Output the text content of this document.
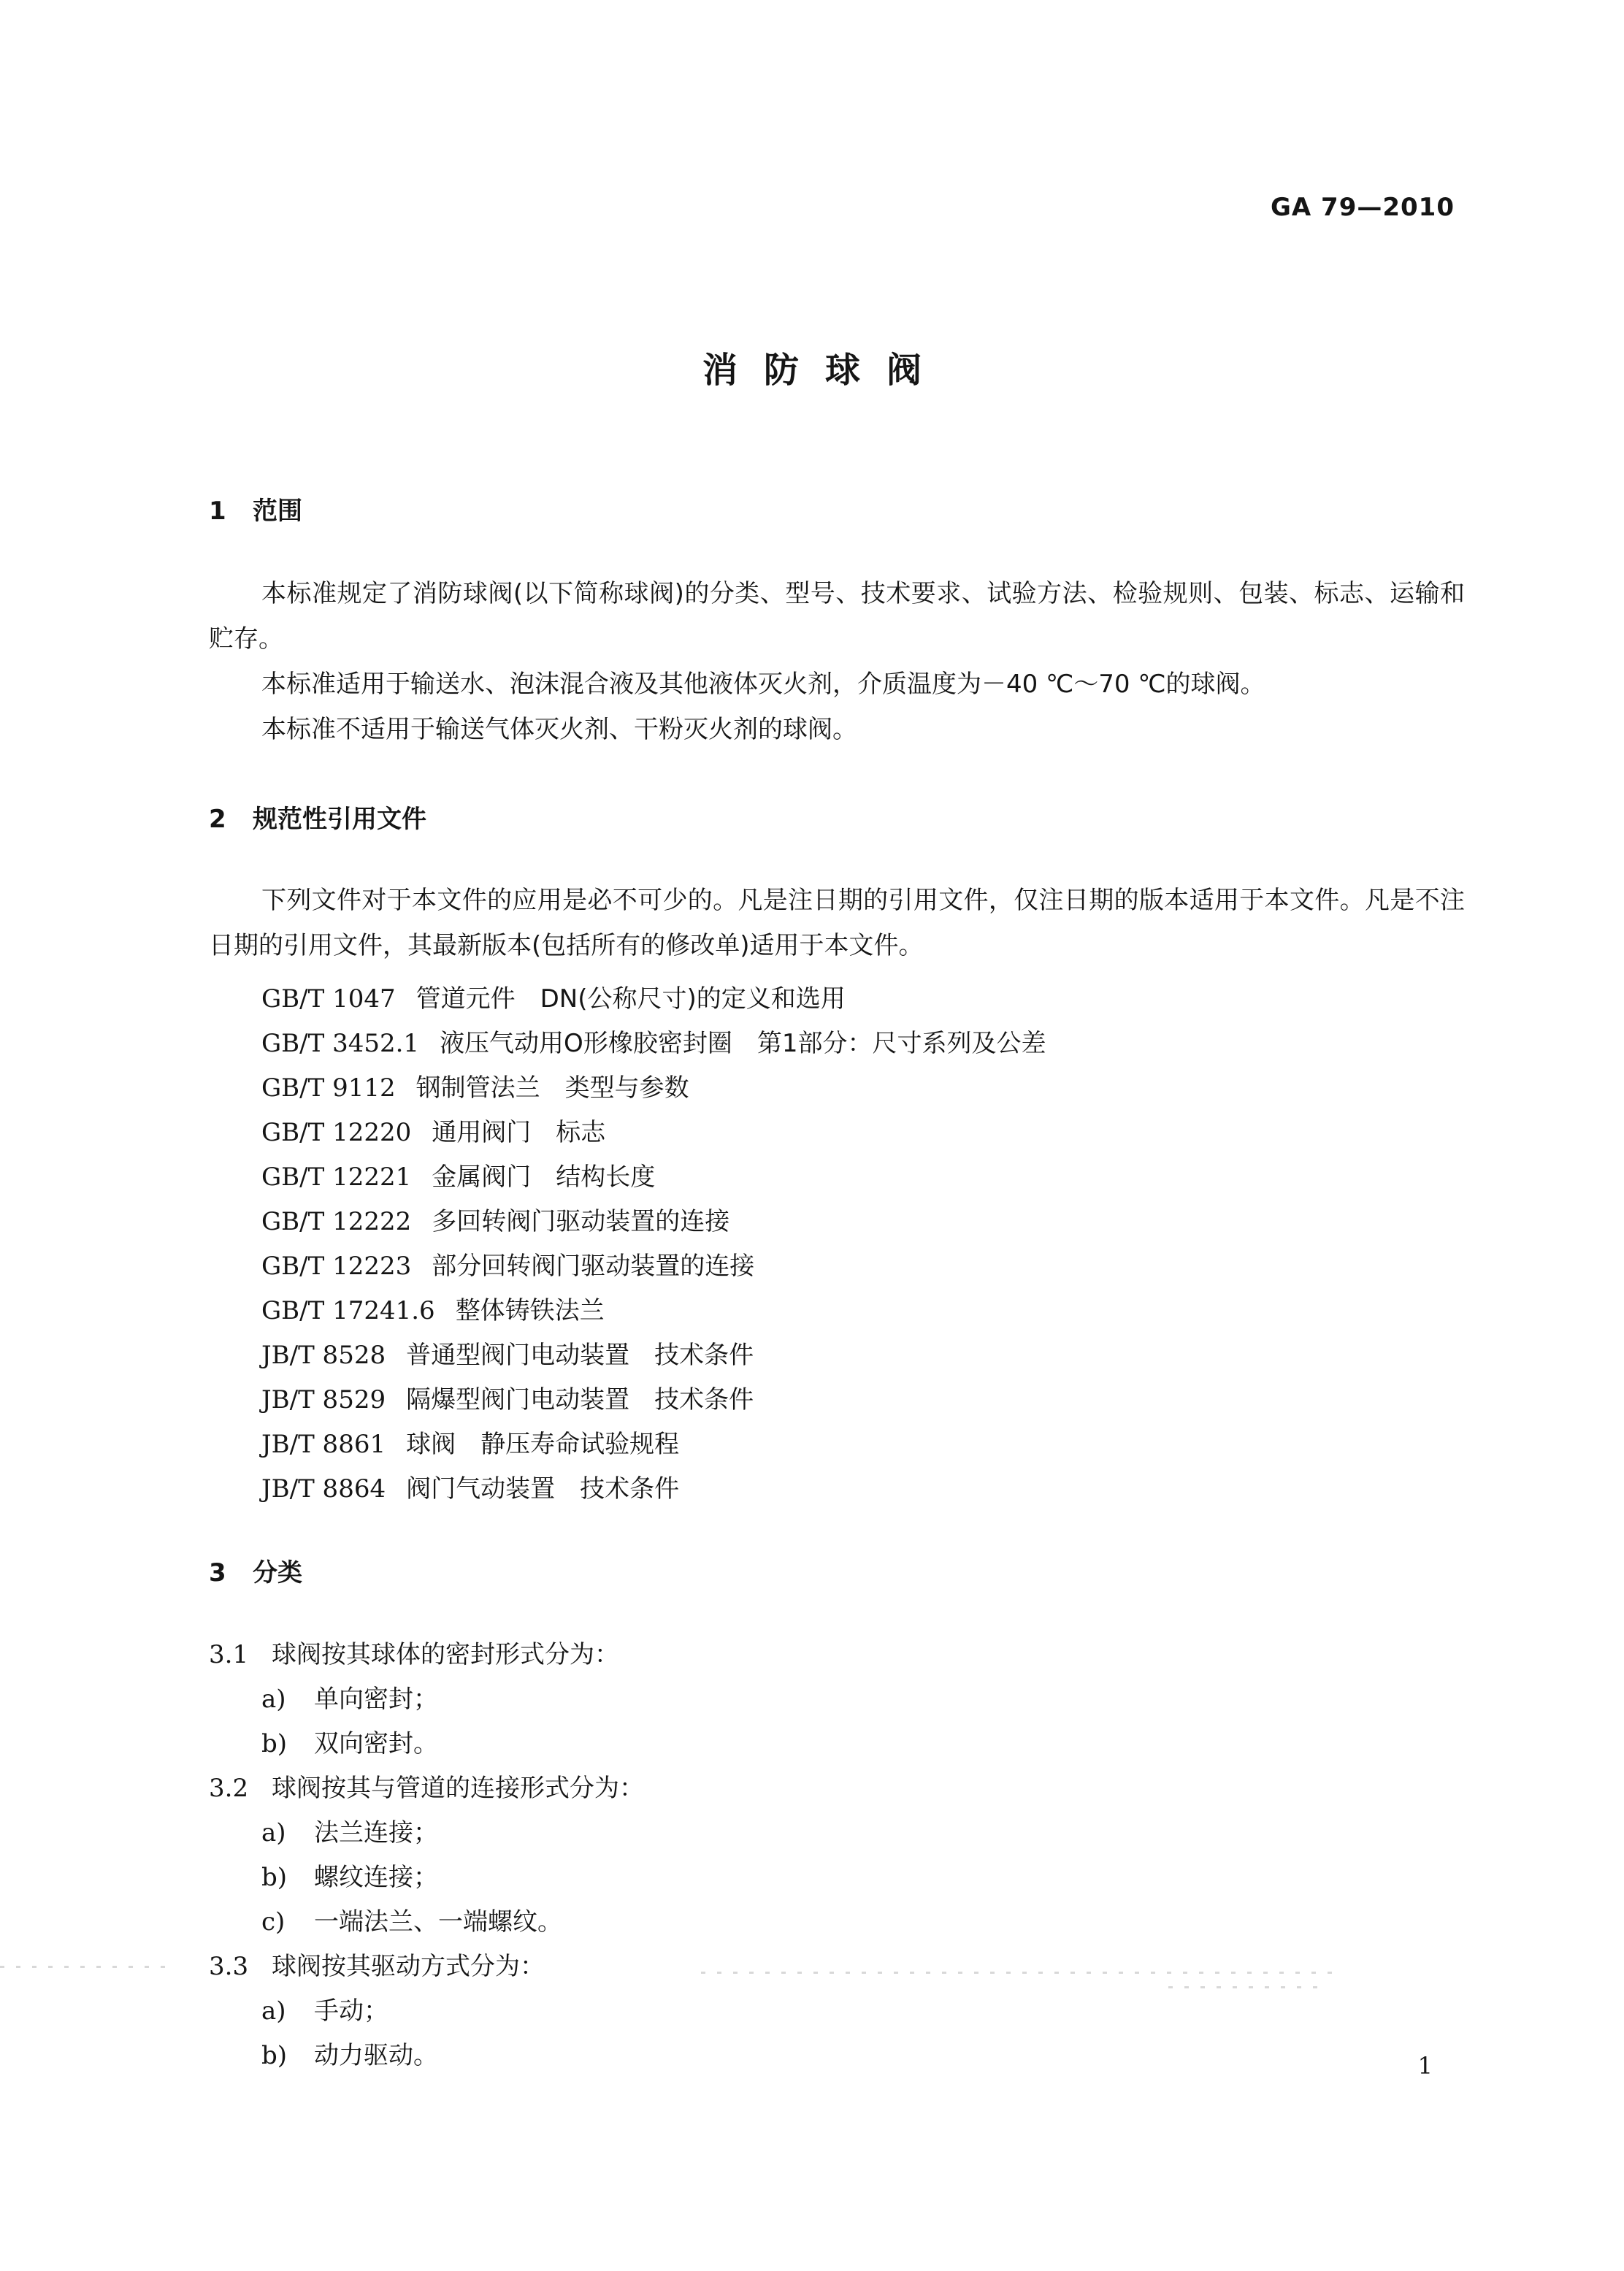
GA 79—2010
消防球阀
1 范围
本标准规定了消防球阀(以下简称球阀)的分类、型号、技术要求、试验方法、检验规则、包装、标志、运输和贮存。
本标准适用于输送水、泡沫混合液及其他液体灭火剂，介质温度为－40 ℃～70 ℃的球阀。
本标准不适用于输送气体灭火剂、干粉灭火剂的球阀。
2 规范性引用文件
下列文件对于本文件的应用是必不可少的。凡是注日期的引用文件，仅注日期的版本适用于本文件。凡是不注日期的引用文件，其最新版本(包括所有的修改单)适用于本文件。
GB/T 1047 管道元件　DN(公称尺寸)的定义和选用
GB/T 3452.1 液压气动用O形橡胶密封圈　第1部分：尺寸系列及公差
GB/T 9112 钢制管法兰　类型与参数
GB/T 12220 通用阀门　标志
GB/T 12221 金属阀门　结构长度
GB/T 12222 多回转阀门驱动装置的连接
GB/T 12223 部分回转阀门驱动装置的连接
GB/T 17241.6 整体铸铁法兰
JB/T 8528 普通型阀门电动装置　技术条件
JB/T 8529 隔爆型阀门电动装置　技术条件
JB/T 8861 球阀　静压寿命试验规程
JB/T 8864 阀门气动装置　技术条件
3 分类
3.1 球阀按其球体的密封形式分为：
a) 单向密封；
b) 双向密封。
3.2 球阀按其与管道的连接形式分为：
a) 法兰连接；
b) 螺纹连接；
c) 一端法兰、一端螺纹。
3.3 球阀按其驱动方式分为：
a) 手动；
b) 动力驱动。	1
